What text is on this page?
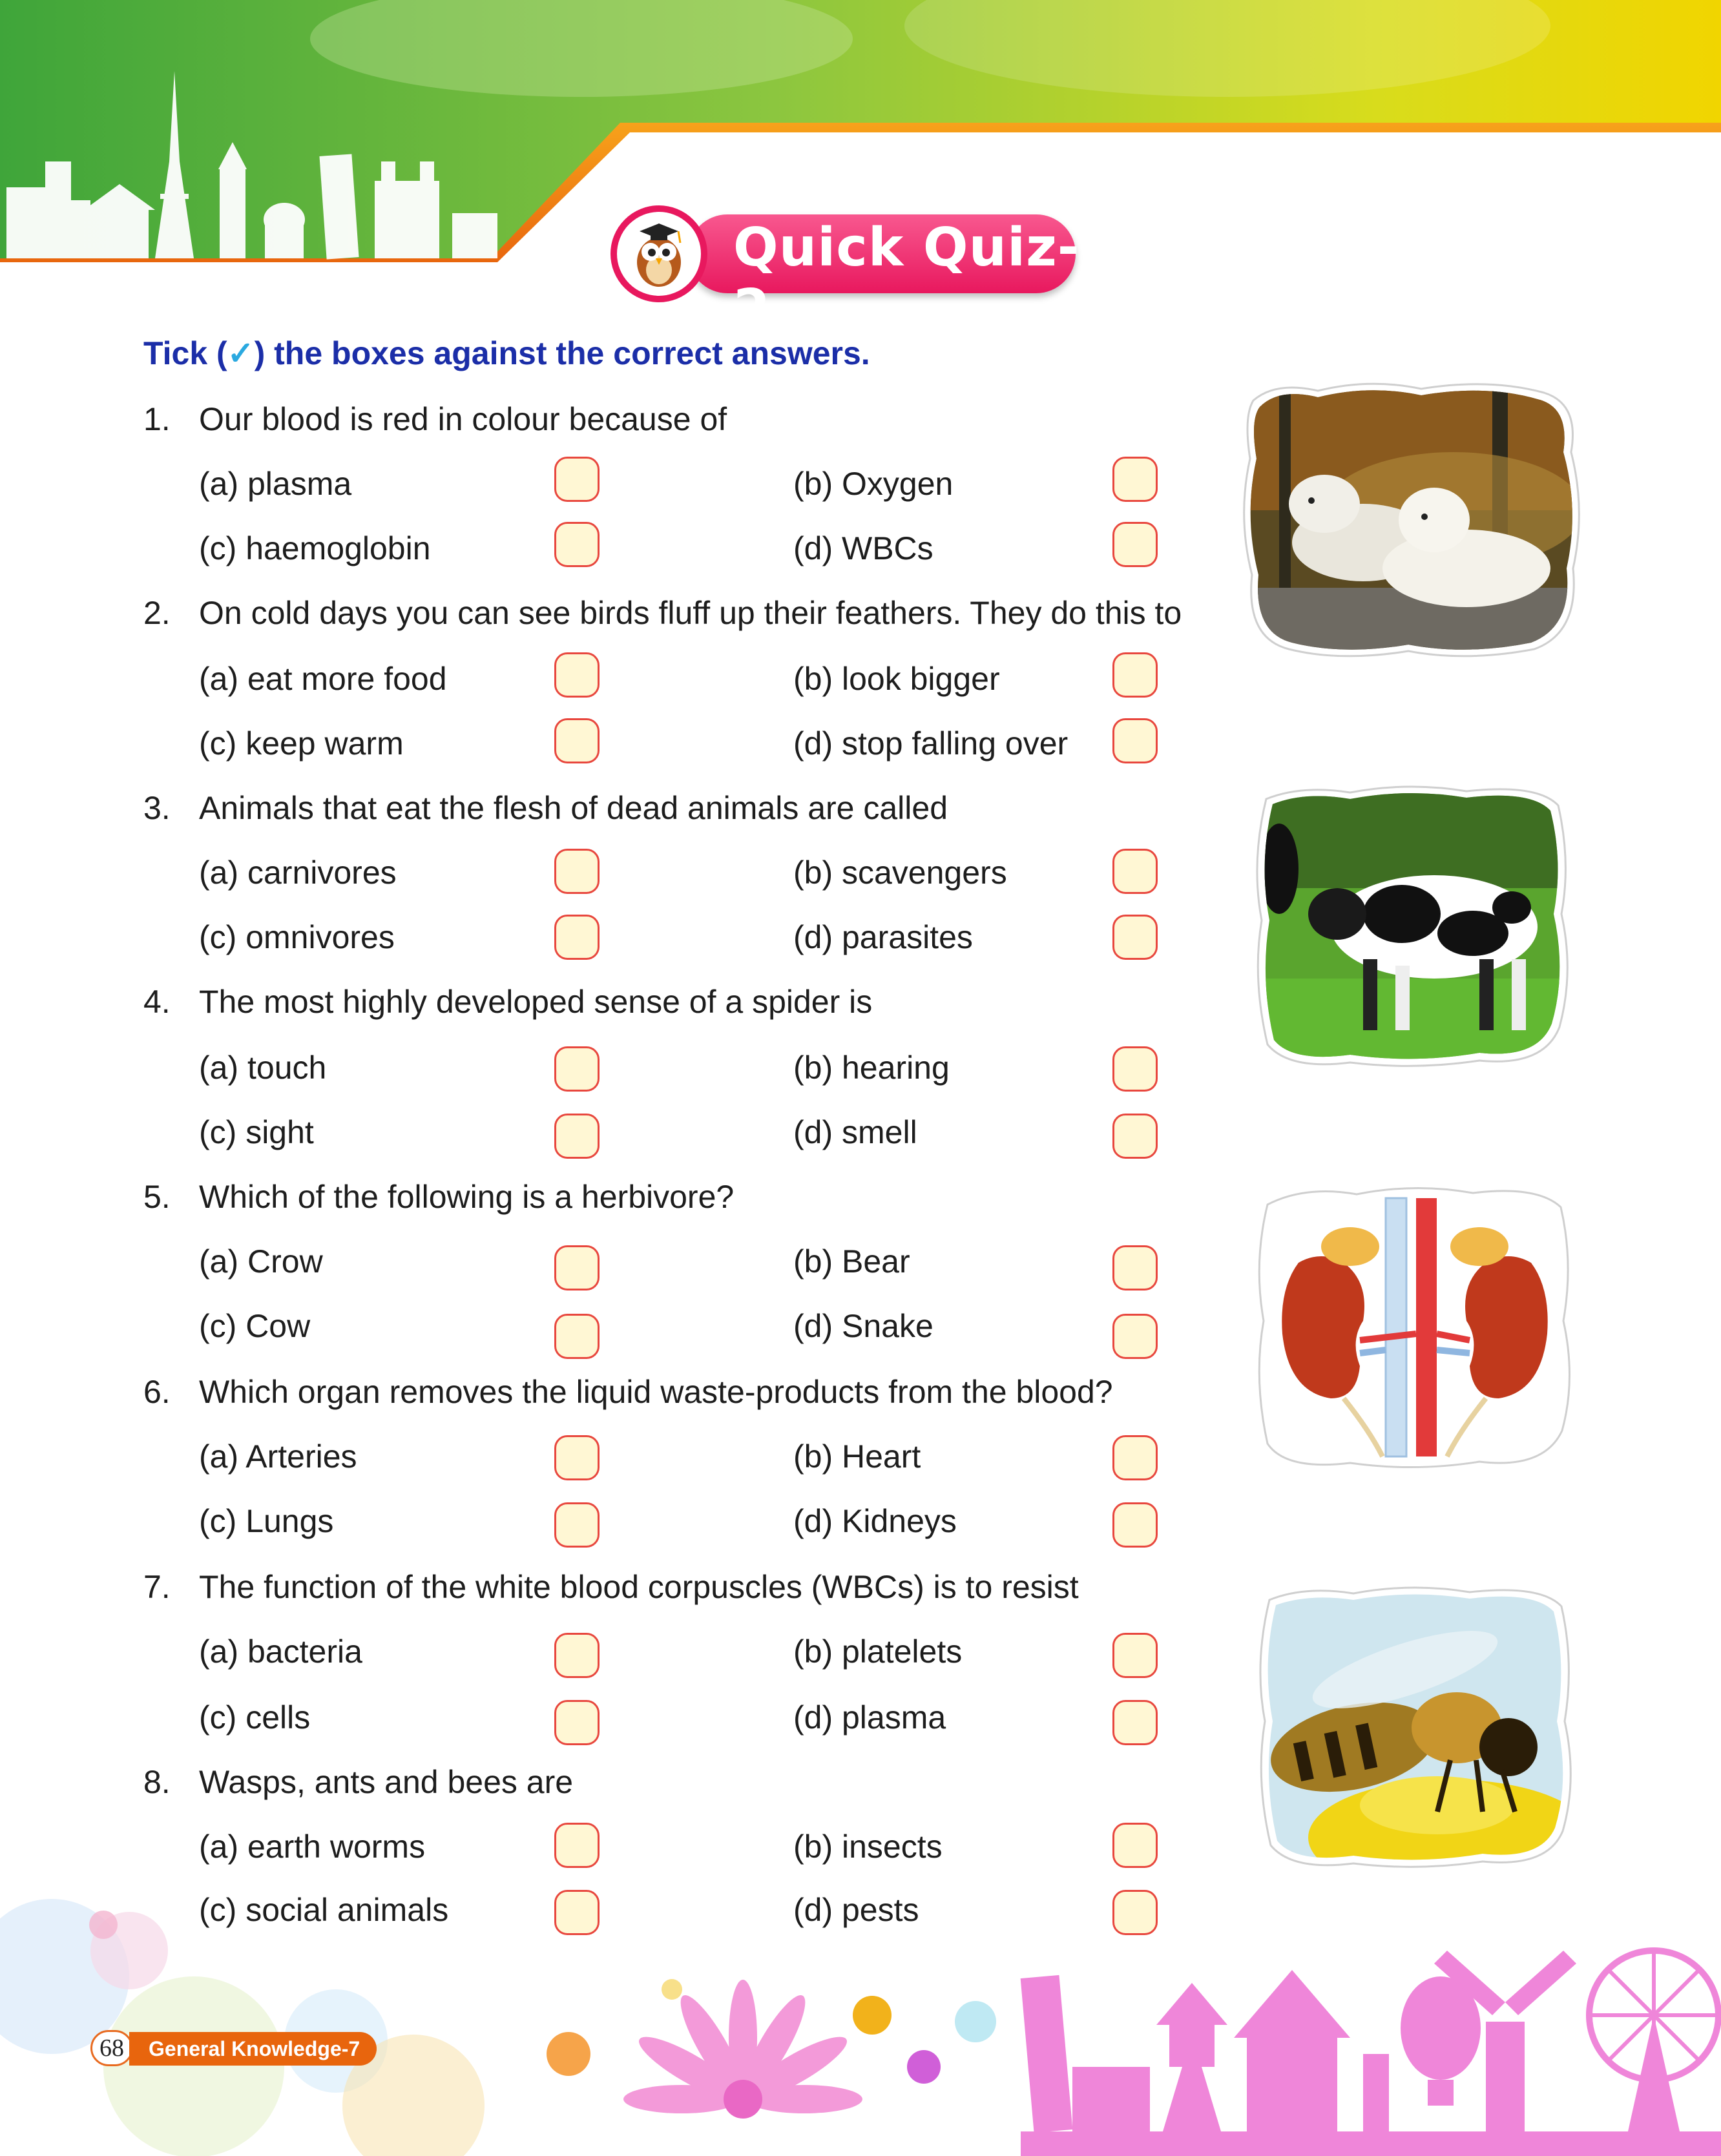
Quick Quiz-2
Tick (✓) the boxes against the correct answers.
1. Our blood is red in colour because of
(a) plasma	(b) Oxygen
(c) haemoglobin	(d) WBCs
2. On cold days you can see birds fluff up their feathers. They do this to
(a) eat more food	(b) look bigger
(c) keep warm	(d) stop falling over
3. Animals that eat the flesh of dead animals are called
(a) carnivores	(b) scavengers
(c) omnivores	(d) parasites
4. The most highly developed sense of a spider is
(a) touch	(b) hearing
(c) sight	(d) smell
5. Which of the following is a herbivore?
(a) Crow	(b) Bear
(c) Cow	(d) Snake
6. Which organ removes the liquid waste-products from the blood?
(a) Arteries	(b) Heart
(c) Lungs	(d) Kidneys
7. The function of the white blood corpuscles (WBCs) is to resist
(a) bacteria	(b) platelets
(c) cells	(d) plasma
8. Wasps, ants and bees are
(a) earth worms	(b) insects
(c) social animals	(d) pests
68	General Knowledge-7
